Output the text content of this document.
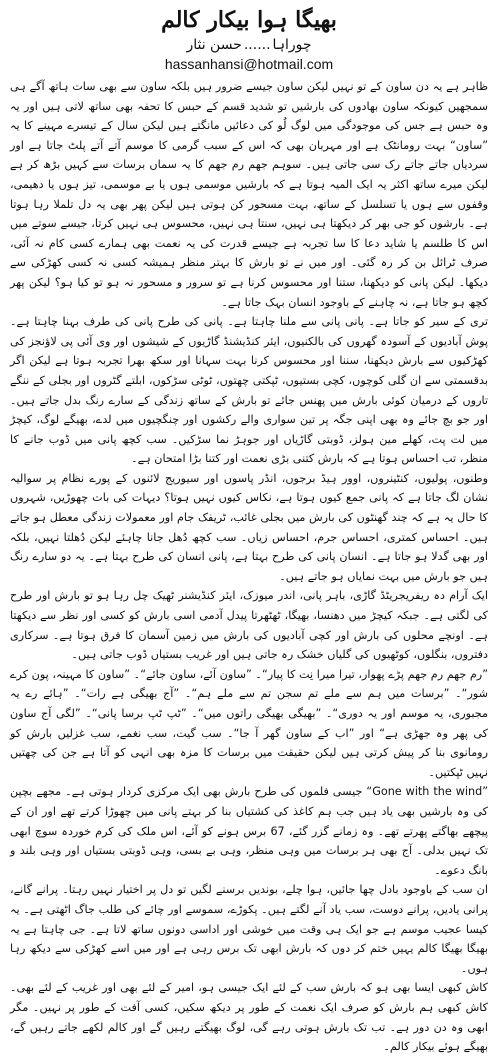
بھیگا ہوا بیکار کالم
چوراہا......حسن نثار
hassanhansi@hotmail.com

ظاہر ہے یہ دن ساون کے تو نہیں لیکن ساون جیسے ضرور ہیں بلکہ ساون سے بھی سات ہاتھ آگے ہی سمجھیں کیونکہ ساون بھادوں کی بارشیں تو شدید قسم کے حبس کا تحفہ بھی ساتھ لاتی ہیں اور یہ وہ حبس ہے جس کی موجودگی میں لوگ لُو کی دعائیں مانگتے ہیں لیکن سال کے تیسرے مہینے کا یہ ”ساون“ بہت رومانٹک ہے اور مہربان بھی کہ اس کے سبب گرمی کا موسم آتے آتے پلٹ جاتا ہے اور سردیاں جاتے جاتے رک سی جاتی ہیں۔ سوہم جھم رم جھم کا یہ سماں برسات سے کہیں بڑھ کر ہے لیکن میرے ساتھ اکثر یہ ایک المیہ ہوتا ہے کہ بارشیں موسمی ہوں یا بے موسمی، تیز ہوں یا دھیمی، وقفوں سے ہوں یا تسلسل کے ساتھ، بہت مسحور کن ہوتی ہیں لیکن پھر بھی یہ دل تلملا رہا ہوتا ہے۔ بارشوں کو جی بھر کر دیکھتا ہی نہیں، سنتا ہی نہیں، محسوس ہی نہیں کرتا، جیسے سوتے میں اس کا طلسم یا شاید دعا کا سا تجربہ ہے جیسے قدرت کی یہ نعمت بھی ہمارے کسی کام نہ آئی، صرف ٹرائل بن کر رہ گئی۔ اور میں نے تو بارش کا بہتر منظر ہمیشہ کسی نہ کسی کھڑکی سے دیکھا۔ لیکن پانی کو دیکھنا، ستنا اور محسوس کرنا ہے تو سرور و مسحور نہ ہو تو کیا ہو؟ لیکن پھر کچھ ہو جاتا ہے، نہ چاہنے کے باوجود انسان بہک جاتا ہے۔

تری کے سیر کو جاتا ہے۔ پانی پانی سے ملنا چاہتا ہے۔ پانی کی طرح پانی کی طرف بہنا چاہتا ہے۔ پوش آبادیوں کے آسودہ گھروں کی بالکنیوں، ایئر کنڈیشنڈ گاڑیوں کے شیشوں اور وی آئی پی لاؤنجز کی کھڑکیوں سے بارش دیکھنا، سننا اور محسوس کرنا بہت سہانا اور سکھ بھرا تجربہ ہوتا ہے لیکن اگر بدقسمتی سے ان گلی کوچوں، کچی بستیوں، ٹپکتی چھتوں، ٹوٹی سڑکوں، ابلتے گٹروں اور بجلی کے ننگے تاروں کے درمیان کوئی بارش میں پھنس جائے تو بارش کے ساتھ زندگی کے سارے رنگ بدل جاتے ہیں۔ اور جو بچ جائے وہ بھی اپنی جگہ پر تین سواری والے رکشوں اور چنگچیوں میں لدے، بھیگے لوگ، کیچڑ میں لت پت، کھلے مین ہولز، ڈوبتی گاڑیاں اور جوہڑ نما سڑکیں۔ سب کچھ پانی میں ڈوب جانے کا منظر، تب احساس ہوتا ہے کہ بارش کتنی بڑی نعمت اور کتنا بڑا امتحان ہے۔

وطنوں، پولیوں، کنٹینروں، اوور ہیڈ برجوں، انڈر پاسوں اور سیوریج لائنوں کے پورے نظام پر سوالیہ نشان لگ جاتا ہے کہ پانی جمع کیوں ہوتا ہے، نکاس کیوں نہیں ہوتا؟ دیہات کی بات چھوڑیں، شہروں کا حال یہ ہے کہ چند گھنٹوں کی بارش میں بجلی غائب، ٹریفک جام اور معمولات زندگی معطل ہو جاتے ہیں۔ احساس کمتری، احساس جرم، احساس زیاں۔ سب کچھ دُھل جانا چاہئے لیکن دُھلتا نہیں، بلکہ اور بھی گدلا ہو جاتا ہے۔ انسان پانی کی طرح بہتا ہے، پانی انسان کی طرح بہتا ہے۔ یہ دو سارے رنگ ہیں جو بارش میں بہت نمایاں ہو جاتے ہیں۔

ایک آرام دہ ریفریجریٹڈ گاڑی، باہر پانی، اندر میوزک، ایئر کنڈیشنر ٹھیک چل رہا ہو تو بارش اور طرح کی لگتی ہے۔ جبکہ کیچڑ میں دھنسا، بھیگا، ٹھٹھرتا پیدل آدمی اسی بارش کو کسی اور نظر سے دیکھتا ہے۔ اونچے محلوں کی بارش اور کچی آبادیوں کی بارش میں زمین آسمان کا فرق ہوتا ہے۔ سرکاری دفتروں، بنگلوں، کوٹھیوں کی گلیاں خشک رہ جاتی ہیں اور غریب بستیاں ڈوب جاتی ہیں۔

”رم جھم رم جھم پڑے پھوار، تیرا میرا نِت کا پیار“۔ ”ساون آئے، ساون جائے“۔ ”ساون کا مہینہ، پون کرے شور“۔ ”برسات میں ہم سے ملے تم سجن تم سے ملے ہم“۔ ”آج بھیگی ہے رات“۔ ”ہائے رے یہ مجبوری، یہ موسم اور یہ دوری“۔ ”بھیگی بھیگی راتوں میں“۔ ”ٹپ ٹپ برسا پانی“۔ ”لگی آج ساون کی پھر وہ جھڑی ہے“ اور ”اب کے ساون گھر آ جا“۔ سب گیت، سب نغمے، سب غزلیں بارش کو رومانوی بنا کر پیش کرتی ہیں لیکن حقیقت میں برسات کا مزہ بھی انہی کو آتا ہے جن کی چھتیں نہیں ٹپکتیں۔

”Gone with the wind“ جیسی فلموں کی طرح بارش بھی ایک مرکزی کردار ہوتی ہے۔ مجھے بچپن کی وہ بارشیں بھی یاد ہیں جب ہم کاغذ کی کشتیاں بنا کر بہتے پانی میں چھوڑا کرتے تھے اور ان کے پیچھے بھاگتے پھرتے تھے۔ وہ زمانے گزر گئے، 67 برس ہونے کو آئے، اس ملک کی کرم خوردہ سوچ ابھی تک نہیں بدلی۔ آج بھی ہر برسات میں وہی منظر، وہی بے بسی، وہی ڈوبتی بستیاں اور وہی بلند و بانگ دعوے۔

ان سب کے باوجود بادل چھا جائیں، ہوا چلے، بوندیں برسنے لگیں تو دل پر اختیار نہیں رہتا۔ پرانے گانے، پرانی یادیں، پرانے دوست، سب یاد آنے لگتے ہیں۔ پکوڑے، سموسے اور چائے کی طلب جاگ اٹھتی ہے۔ یہ کیسا عجیب موسم ہے جو ایک ہی وقت میں خوشی اور اداسی دونوں ساتھ لاتا ہے۔ جی چاہتا ہے یہ بھیگا بھیگا کالم یہیں ختم کر دوں کہ بارش ابھی تک برس رہی ہے اور میں اسے کھڑکی سے دیکھ رہا ہوں۔

کاش کبھی ایسا بھی ہو کہ بارش سب کے لئے ایک جیسی ہو، امیر کے لئے بھی اور غریب کے لئے بھی۔ کاش کبھی ہم بارش کو صرف ایک نعمت کے طور پر دیکھ سکیں، کسی آفت کے طور پر نہیں۔ مگر ابھی وہ دن دور ہے۔ تب تک بارش ہوتی رہے گی، لوگ بھیگتے رہیں گے اور کالم لکھے جاتے رہیں گے، بھیگے ہوئے بیکار کالم۔
